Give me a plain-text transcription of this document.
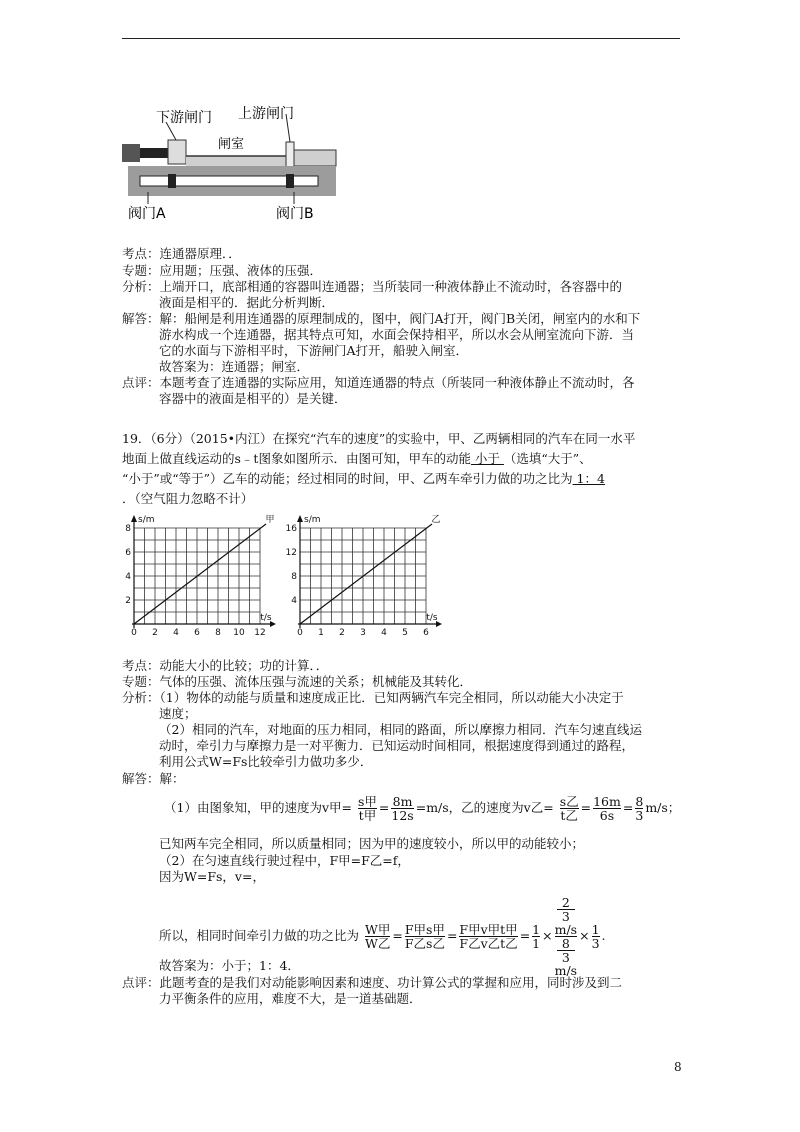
下游闸门 上游闸门
闸室
阀门A	阀门B
考点：连通器原理．．
专题：应用题；压强、液体的压强．
分析：上端开口，底部相通的容器叫连通器；当所装同一种液体静止不流动时，各容器中的
液面是相平的．据此分析判断．
解答：解：船闸是利用连通器的原理制成的，图中，阀门A打开，阀门B关闭，闸室内的水和下
游水构成一个连通器，据其特点可知，水面会保持相平，所以水会从闸室流向下游．当
它的水面与下游相平时，下游闸门A打开，船驶入闸室．
故答案为：连通器；闸室．
点评：本题考查了连通器的实际应用，知道连通器的特点（所装同一种液体静止不流动时，各
容器中的液面是相平的）是关键．
19．（6分）（2015•内江）在探究“汽车的速度”的实验中，甲、乙两辆相同的汽车在同一水平
地面上做直线运动的s﹣t图象如图所示．由图可知，甲车的动能 小于 （选填“大于”、
“小于”或“等于”）乙车的动能；经过相同的时间，甲、乙两车牵引力做的功之比为 1：4
．（空气阻力忽略不计）
s/m
t/s
甲
0 2 4 6 8 10 12
2
4
6
8
s/m
t/s
乙
0 1 2 3 4 5 6
4
8
12
16
考点：动能大小的比较；功的计算．．
专题：气体的压强、流体压强与流速的关系；机械能及其转化．
分析：（1）物体的动能与质量和速度成正比．已知两辆汽车完全相同，所以动能大小决定于
速度；
（2）相同的汽车，对地面的压力相同，相同的路面，所以摩擦力相同．汽车匀速直线运
动时，牵引力与摩擦力是一对平衡力．已知运动时间相同，根据速度得到通过的路程，
利用公式W=Fs比较牵引力做功多少．
解答：解：
（1）由图象知，甲的速度为v甲= $\frac{\text{s甲}}{\text{t甲}} = \frac{8m}{12s} =m/s$，乙的速度为v乙= $\frac{\text{s乙}}{\text{t乙}} = \frac{16m}{6s} = \frac{8}{3} m/s$；
已知两车完全相同，所以质量相同；因为甲的速度较小，所以甲的动能较小；
（2）在匀速直线行驶过程中，F甲=F乙=f，
因为W=Fs，v=，
所以，相同时间牵引力做的功之比为 $\frac{\text{W甲}}{\text{W乙}} = \frac{\text{F甲s甲}}{\text{F乙s乙}} = \frac{\text{F甲v甲t甲}}{\text{F乙v乙t乙}} = \frac{1}{1} \times 2$
3
m/s
8
3
$m/s \times \frac{1}{3}$ .
故答案为：小于；1：4．
点评：此题考查的是我们对动能影响因素和速度、功计算公式的掌握和应用，同时涉及到二
力平衡条件的应用，难度不大，是一道基础题．
8
